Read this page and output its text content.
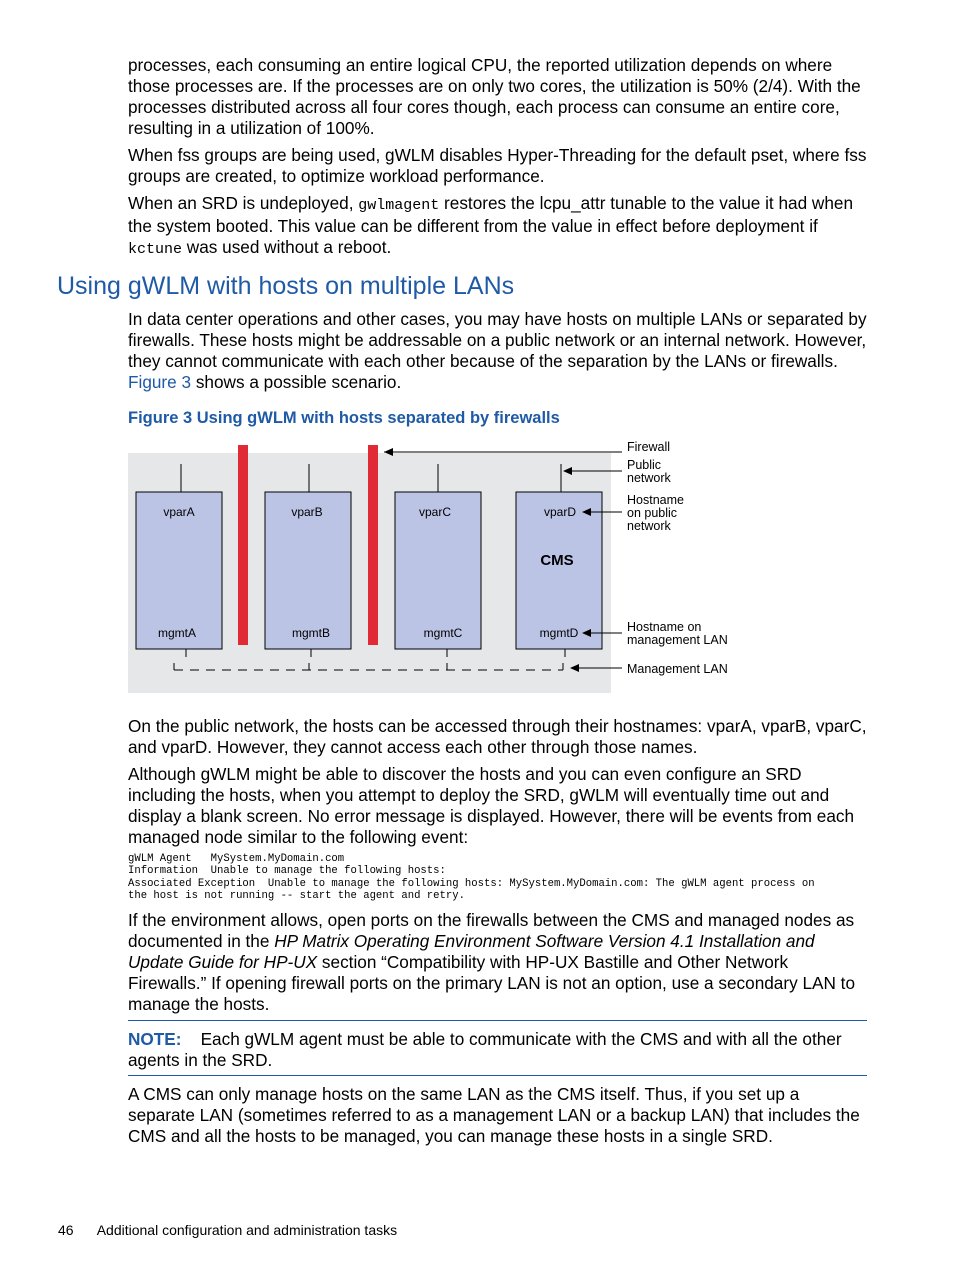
processes, each consuming an entire logical CPU, the reported utilization depends on where those processes are. If the processes are on only two cores, the utilization is 50% (2/4). With the processes distributed across all four cores though, each process can consume an entire core, resulting in a utilization of 100%.

When fss groups are being used, gWLM disables Hyper-Threading for the default pset, where fss groups are created, to optimize workload performance.

When an SRD is undeployed, gwlmagent restores the lcpu_attr tunable to the value it had when the system booted. This value can be different from the value in effect before deployment if kctune was used without a reboot.

Using gWLM with hosts on multiple LANs

In data center operations and other cases, you may have hosts on multiple LANs or separated by firewalls. These hosts might be addressable on a public network or an internal network. However, they cannot communicate with each other because of the separation by the LANs or firewalls. Figure 3 shows a possible scenario.

Figure 3 Using gWLM with hosts separated by firewalls

vparA	vparB	vparC	vparD
mgmtA	mgmtB	mgmtC	mgmtD
CMS
Firewall
Public
network
Hostname
on public
network
Hostname on
management LAN
Management LAN

On the public network, the hosts can be accessed through their hostnames: vparA, vparB, vparC, and vparD. However, they cannot access each other through those names.

Although gWLM might be able to discover the hosts and you can even configure an SRD including the hosts, when you attempt to deploy the SRD, gWLM will eventually time out and display a blank screen. No error message is displayed. However, there will be events from each managed node similar to the following event:

gWLM Agent   MySystem.MyDomain.com
Information  Unable to manage the following hosts:
Associated Exception  Unable to manage the following hosts: MySystem.MyDomain.com: The gWLM agent process on
the host is not running -- start the agent and retry.

If the environment allows, open ports on the firewalls between the CMS and managed nodes as documented in the HP Matrix Operating Environment Software Version 4.1 Installation and Update Guide for HP-UX section “Compatibility with HP-UX Bastille and Other Network Firewalls.” If opening firewall ports on the primary LAN is not an option, use a secondary LAN to manage the hosts.

NOTE: Each gWLM agent must be able to communicate with the CMS and with all the other agents in the SRD.

A CMS can only manage hosts on the same LAN as the CMS itself. Thus, if you set up a separate LAN (sometimes referred to as a management LAN or a backup LAN) that includes the CMS and all the hosts to be managed, you can manage these hosts in a single SRD.

46 Additional configuration and administration tasks
